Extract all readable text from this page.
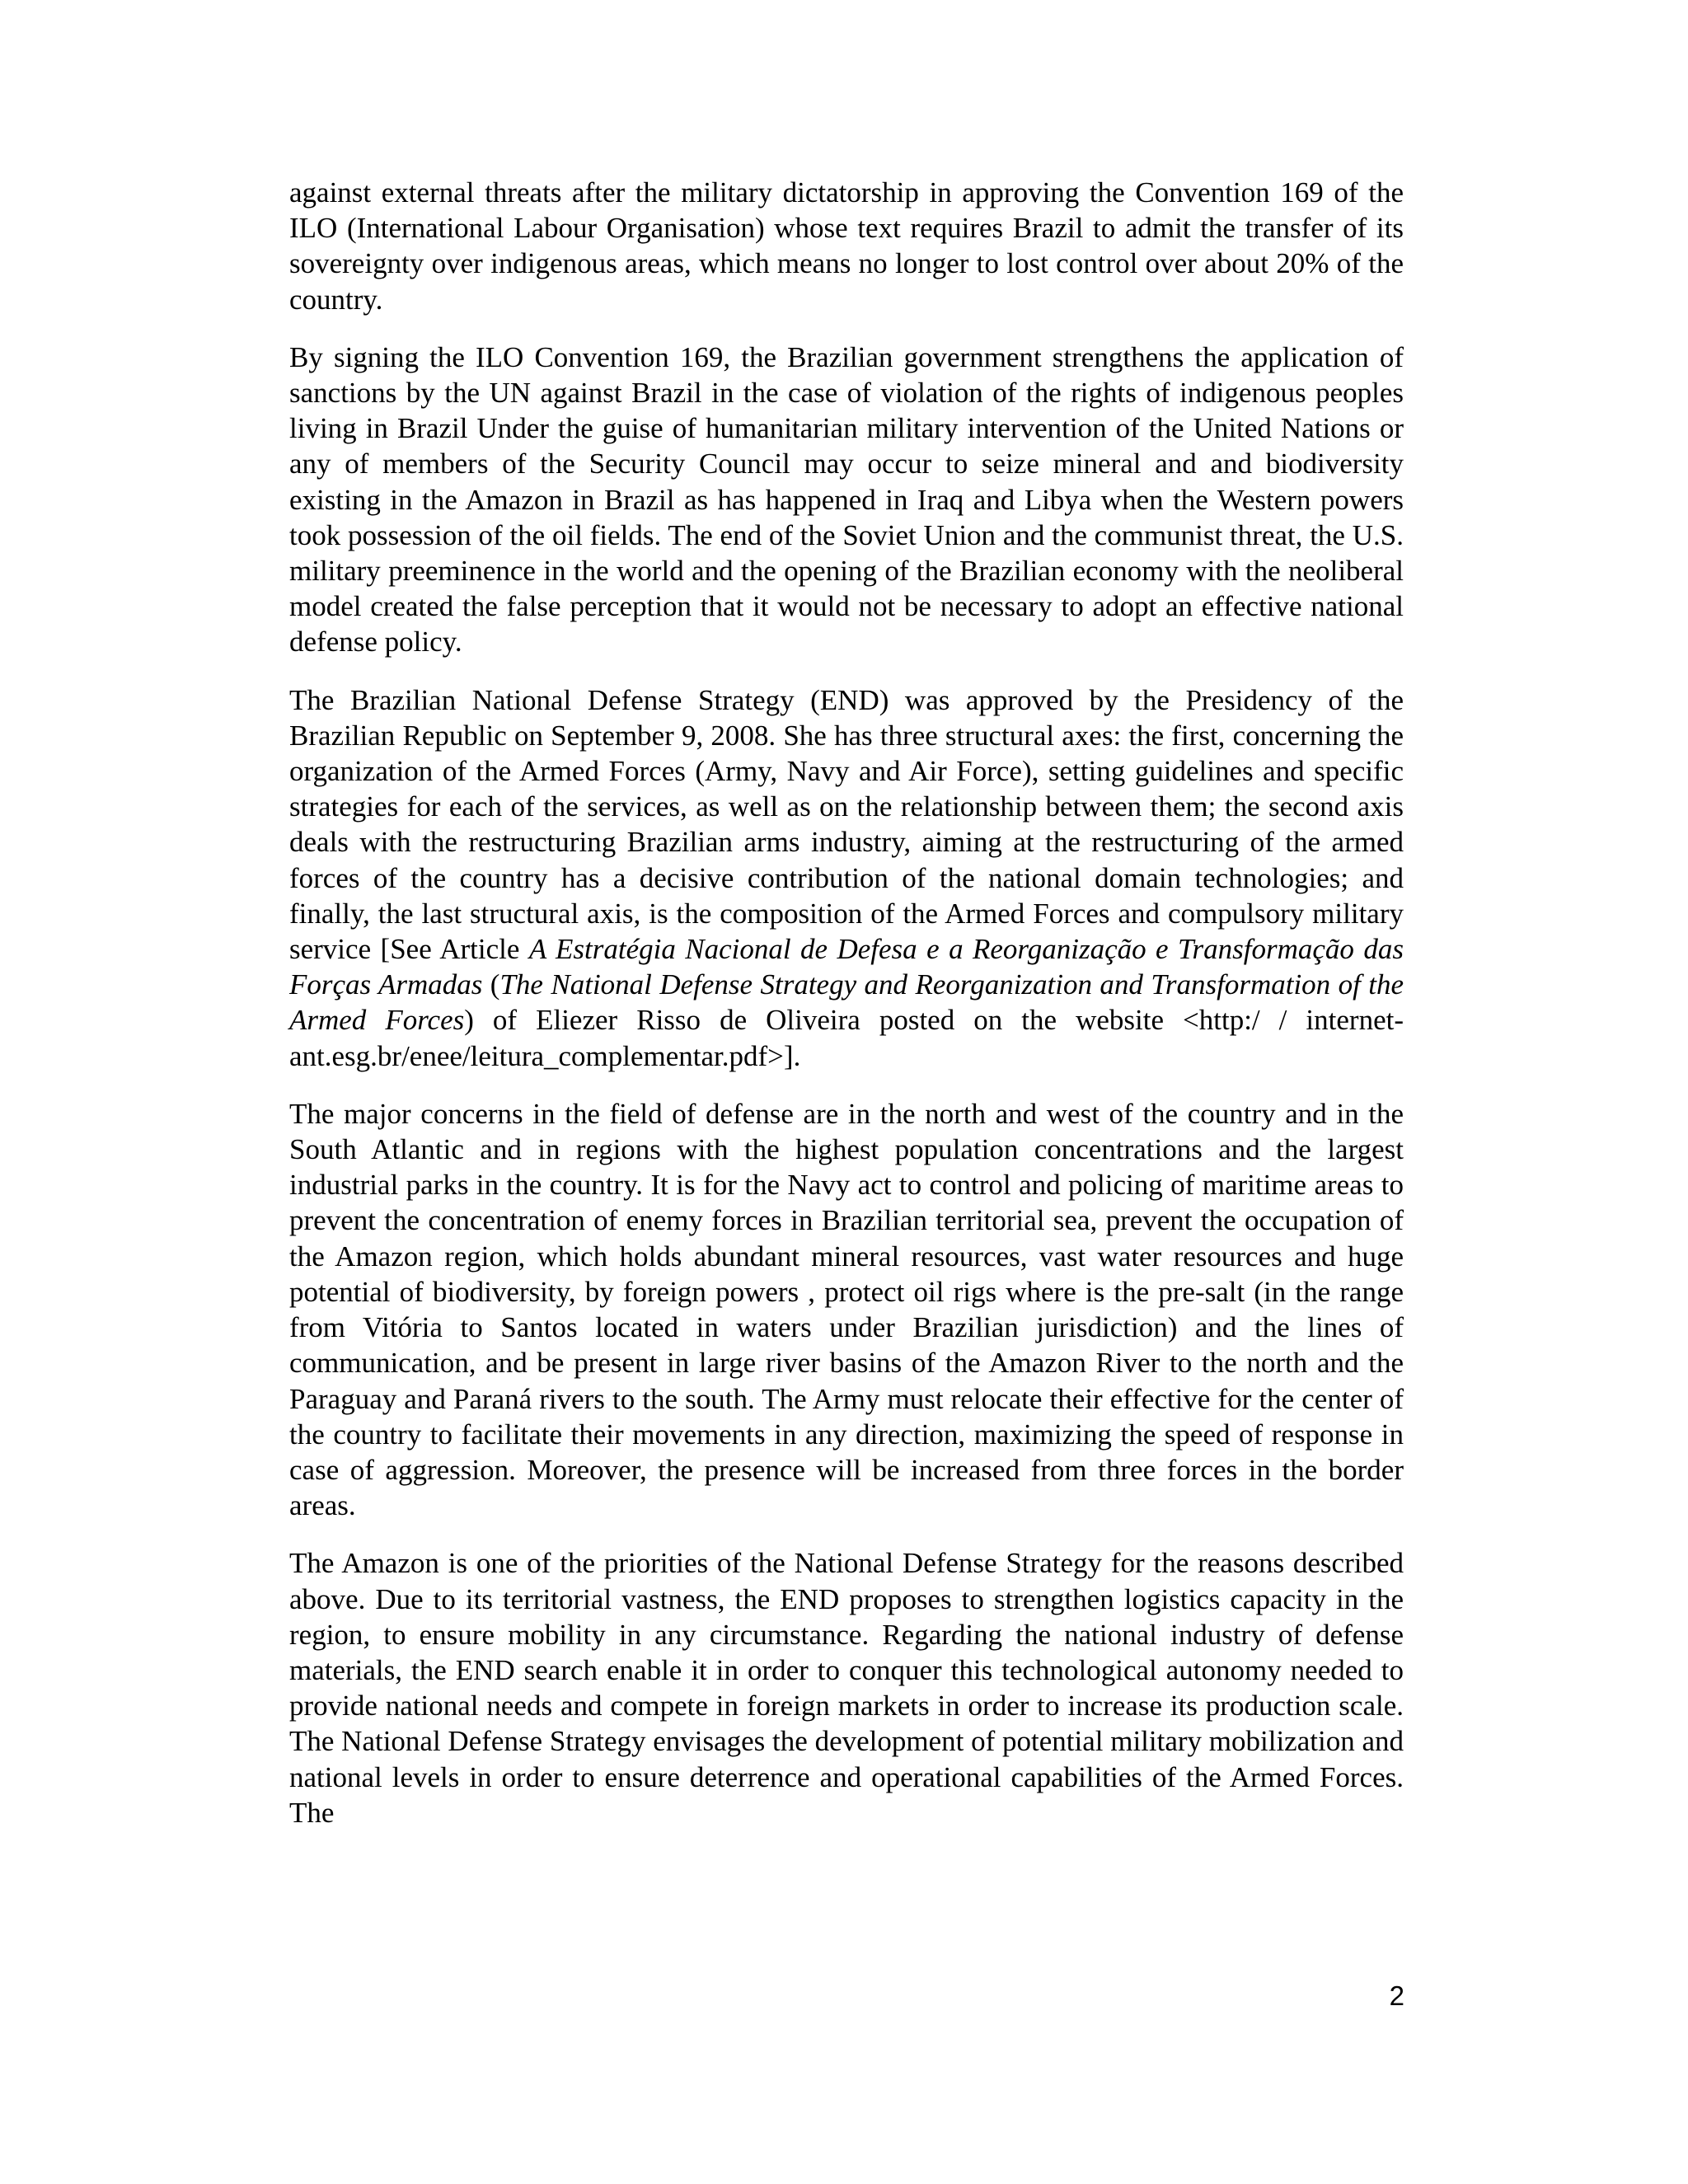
against external threats after the military dictatorship in approving the Convention 169 of the ILO (International Labour Organisation) whose text requires Brazil to admit the transfer of its sovereignty over indigenous areas, which means no longer to lost control over about 20% of the country.

By signing the ILO Convention 169, the Brazilian government strengthens the application of sanctions by the UN against Brazil in the case of violation of the rights of indigenous peoples living in Brazil Under the guise of humanitarian military intervention of the United Nations or any of members of the Security Council may occur to seize mineral and and biodiversity existing in the Amazon in Brazil as has happened in Iraq and Libya when the Western powers took possession of the oil fields. The end of the Soviet Union and the communist threat, the U.S. military preeminence in the world and the opening of the Brazilian economy with the neoliberal model created the false perception that it would not be necessary to adopt an effective national defense policy.

The Brazilian National Defense Strategy (END) was approved by the Presidency of the Brazilian Republic on September 9, 2008. She has three structural axes: the first, concerning the organization of the Armed Forces (Army, Navy and Air Force), setting guidelines and specific strategies for each of the services, as well as on the relationship between them; the second axis deals with the restructuring Brazilian arms industry, aiming at the restructuring of the armed forces of the country has a decisive contribution of the national domain technologies; and finally, the last structural axis, is the composition of the Armed Forces and compulsory military service [See Article A Estratégia Nacional de Defesa e a Reorganização e Transformação das Forças Armadas (The National Defense Strategy and Reorganization and Transformation of the Armed Forces) of Eliezer Risso de Oliveira posted on the website <http:/ / internet-ant.esg.br/enee/leitura_complementar.pdf>].

The major concerns in the field of defense are in the north and west of the country and in the South Atlantic and in regions with the highest population concentrations and the largest industrial parks in the country. It is for the Navy act to control and policing of maritime areas to prevent the concentration of enemy forces in Brazilian territorial sea, prevent the occupation of the Amazon region, which holds abundant mineral resources, vast water resources and huge potential of biodiversity, by foreign powers , protect oil rigs where is the pre-salt (in the range from Vitória to Santos located in waters under Brazilian jurisdiction) and the lines of communication, and be present in large river basins of the Amazon River to the north and the Paraguay and Paraná rivers to the south. The Army must relocate their effective for the center of the country to facilitate their movements in any direction, maximizing the speed of response in case of aggression. Moreover, the presence will be increased from three forces in the border areas.

The Amazon is one of the priorities of the National Defense Strategy for the reasons described above. Due to its territorial vastness, the END proposes to strengthen logistics capacity in the region, to ensure mobility in any circumstance. Regarding the national industry of defense materials, the END search enable it in order to conquer this technological autonomy needed to provide national needs and compete in foreign markets in order to increase its production scale. The National Defense Strategy envisages the development of potential military mobilization and national levels in order to ensure deterrence and operational capabilities of the Armed Forces. The

2
